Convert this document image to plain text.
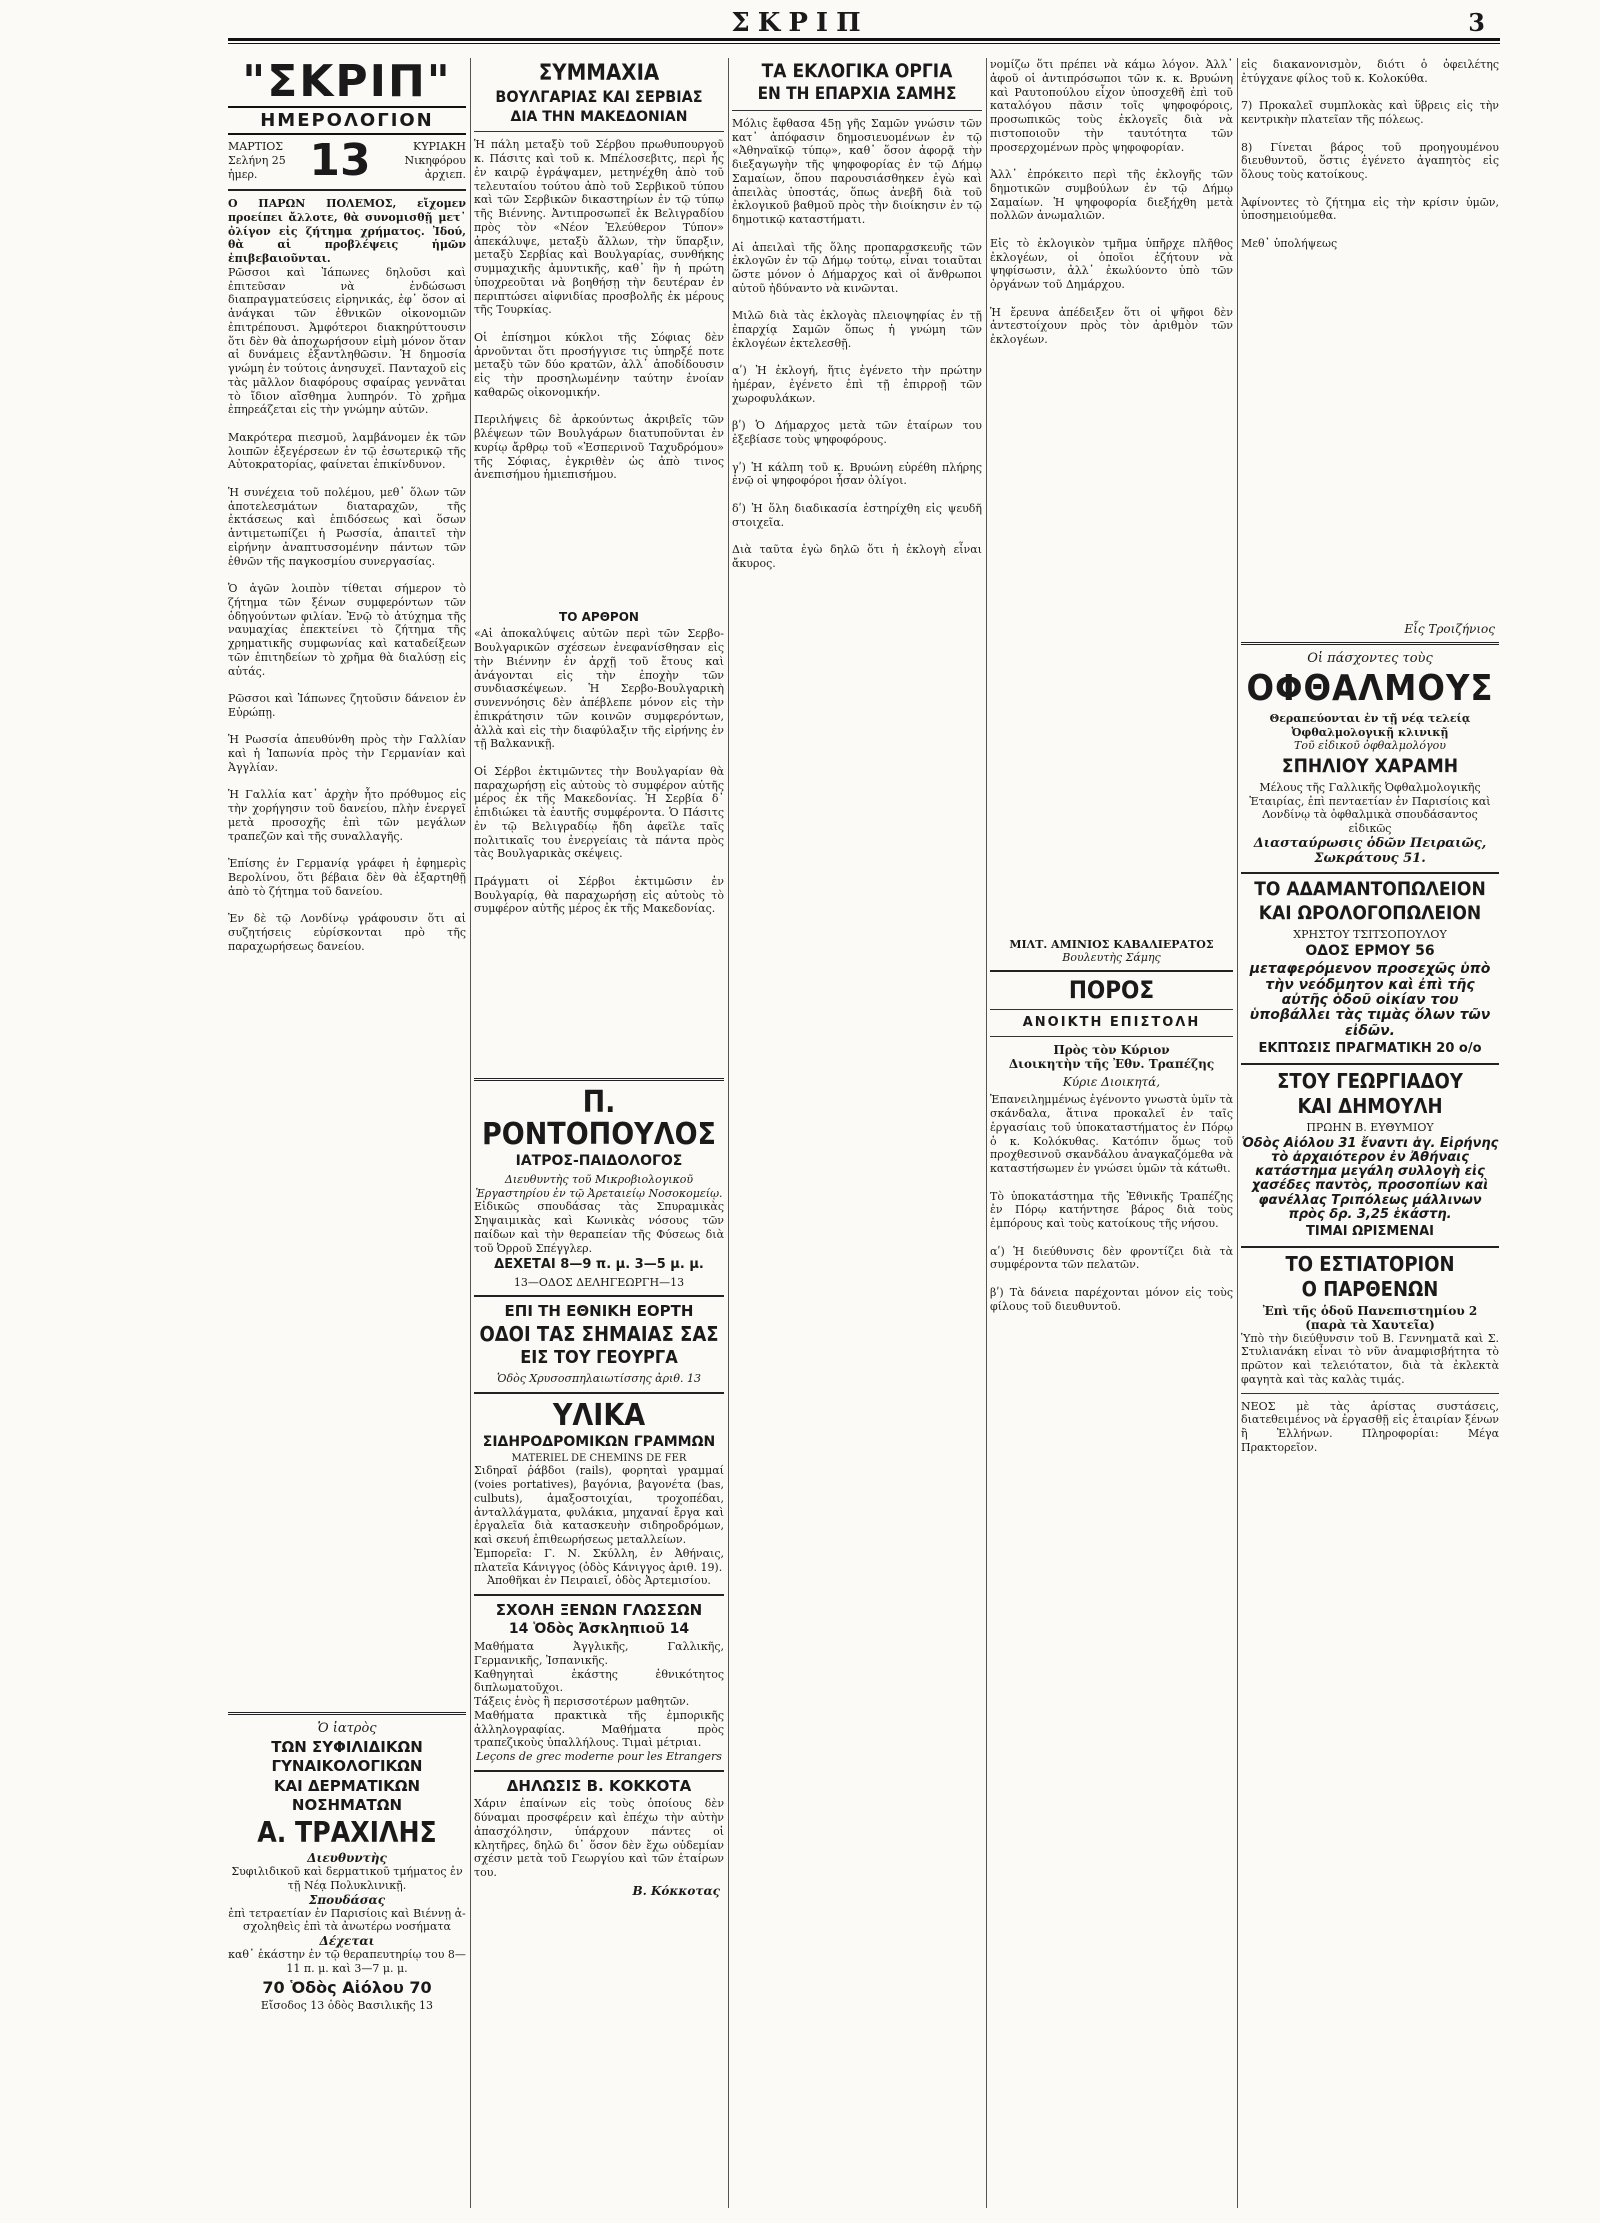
ΣΚΡΙΠ	3
"ΣΚΡΙΠ"
ΗΜΕΡΟΛΟΓΙΟΝ
ΜΑΡΤΙΟΣ
Σελήνη 25 ἡμερ.	13	ΚΥΡΙΑΚΗ
Νικηφόρου ἀρχιεπ.

Ο ΠΑΡΩΝ ΠΟΛΕΜΟΣ, εἴχομεν προείπει ἄλλοτε, θὰ συνομισθῇ μετ᾽ ὀλίγον εἰς ζήτημα χρήματος. Ἰδού, θὰ αἱ προβλέψεις ἡμῶν ἐπιβεβαιοῦνται.

Ρῶσσοι καὶ Ἰάπωνες δηλοῦσι καὶ ἐπιτεῦσαν νὰ ἐνδώσωσι διαπραγματεύσεις εἰρηνικάς, ἐφ᾽ ὅσον αἱ ἀνάγκαι τῶν ἐθνικῶν οἰκονομιῶν ἐπιτρέπουσι. Ἀμφότεροι διακηρύττουσιν ὅτι δὲν θὰ ἀποχωρήσουν εἰμὴ μόνον ὅταν αἱ δυνάμεις ἐξαντληθῶσιν. Ἡ δημοσία γνώμη ἐν τούτοις ἀνησυχεῖ. Πανταχοῦ εἰς τὰς μᾶλλον διαφόρους σφαίρας γεννᾶται τὸ ἴδιον αἴσθημα λυπηρόν. Τὸ χρῆμα ἐπηρεάζεται εἰς τὴν γνώμην αὐτῶν.

Μακρότερα πιεσμοῦ, λαμβάνομεν ἐκ τῶν λοιπῶν ἐξεγέρσεων ἐν τῷ ἐσωτερικῷ τῆς Αὐτοκρατορίας, φαίνεται ἐπικίνδυνον.

Ἡ συνέχεια τοῦ πολέμου, μεθ᾽ ὅλων τῶν ἀποτελεσμάτων διαταραχῶν, τῆς ἐκτάσεως καὶ ἐπιδόσεως καὶ ὅσων ἀντιμετωπίζει ἡ Ρωσσία, ἀπαιτεῖ τὴν εἰρήνην ἀναπτυσσομένην πάντων τῶν ἐθνῶν τῆς παγκοσμίου συνεργασίας.

Ὁ ἀγῶν λοιπὸν τίθεται σήμερον τὸ ζήτημα τῶν ξένων συμφερόντων τῶν ὁδηγούντων φιλίαν. Ἐνῷ τὸ ἀτύχημα τῆς ναυμαχίας ἐπεκτείνει τὸ ζήτημα τῆς χρηματικῆς συμφωνίας καὶ καταδείξεων τῶν ἐπιτηδείων τὸ χρῆμα θὰ διαλύσῃ εἰς αὐτάς.

Ρῶσσοι καὶ Ἰάπωνες ζητοῦσιν δάνειον ἐν Εὐρώπῃ.

Ἡ Ρωσσία ἀπευθύνθη πρὸς τὴν Γαλλίαν καὶ ἡ Ἰαπωνία πρὸς τὴν Γερμανίαν καὶ Ἀγγλίαν.

Ἡ Γαλλία κατ᾽ ἀρχὴν ἦτο πρόθυμος εἰς τὴν χορήγησιν τοῦ δανείου, πλὴν ἐνεργεῖ μετὰ προσοχῆς ἐπὶ τῶν μεγάλων τραπεζῶν καὶ τῆς συναλλαγῆς.

Ἐπίσης ἐν Γερμανίᾳ γράφει ἡ ἐφημερὶς Βερολίνου, ὅτι βέβαια δὲν θὰ ἐξαρτηθῇ ἀπὸ τὸ ζήτημα τοῦ δανείου.

Ἐν δὲ τῷ Λονδίνῳ γράφουσιν ὅτι αἱ συζητήσεις εὑρίσκονται πρὸ τῆς παραχωρήσεως δανείου.

Ὁ ἰατρὸς
ΤΩΝ ΣΥΦΙΛΙΔΙΚΩΝ
ΓΥΝΑΙΚΟΛΟΓΙΚΩΝ
ΚΑΙ ΔΕΡΜΑΤΙΚΩΝ
ΝΟΣΗΜΑΤΩΝ
Α. ΤΡΑΧΙΛΗΣ
Διευθυντὴς
Συφιλιδικοῦ καὶ δερματικοῦ τμήματος ἐν τῇ Νέᾳ Πολυκλινικῇ.
Σπουδάσας
ἐπὶ τετραετίαν ἐν Παρισίοις καὶ Βιέννῃ ἀ-σχοληθεὶς ἐπὶ τὰ ἀνωτέρω νοσήματα
Δέχεται
καθ᾽ ἑκάστην ἐν τῷ θεραπευτηρίῳ του 8—11 π. μ. καὶ 3—7 μ. μ.
70 Ὁδὸς Αἰόλου 70
Εἴσοδος 13 ὁδὸς Βασιλικῆς 13
ΣΥΜΜΑΧΙΑ
ΒΟΥΛΓΑΡΙΑΣ ΚΑΙ ΣΕΡΒΙΑΣ
ΔΙΑ ΤΗΝ ΜΑΚΕΔΟΝΙΑΝ

Ἡ πάλη μεταξὺ τοῦ Σέρβου πρωθυπουργοῦ κ. Πάσιτς καὶ τοῦ κ. Μπέλοσεβιτς, περὶ ἧς ἐν καιρῷ ἐγράψαμεν, μετηνέχθη ἀπὸ τοῦ τελευταίου τούτου ἀπὸ τοῦ Σερβικοῦ τύπου καὶ τῶν Σερβικῶν δικαστηρίων ἐν τῷ τύπῳ τῆς Βιέννης. Ἀντιπροσωπεῖ ἐκ Βελιγραδίου πρὸς τὸν «Νέον Ἐλεύθερον Τύπον» ἀπεκάλυψε, μεταξὺ ἄλλων, τὴν ὕπαρξιν, μεταξὺ Σερβίας καὶ Βουλγαρίας, συνθήκης συμμαχικῆς ἀμυντικῆς, καθ᾽ ἣν ἡ πρώτη ὑποχρεοῦται νὰ βοηθήσῃ τὴν δευτέραν ἐν περιπτώσει αἰφνιδίας προσβολῆς ἐκ μέρους τῆς Τουρκίας.

Οἱ ἐπίσημοι κύκλοι τῆς Σόφιας δὲν ἀρνοῦνται ὅτι προσήγγισε τις ὑπηρξέ ποτε μεταξὺ τῶν δύο κρατῶν, ἀλλ᾽ ἀποδίδουσιν εἰς τὴν προσηλωμένην ταύτην ἐνοίαν καθαρῶς οἰκονομικήν.

Περιλήψεις δὲ ἀρκούντως ἀκριβεῖς τῶν βλέψεων τῶν Βουλγάρων διατυποῦνται ἐν κυρίῳ ἄρθρῳ τοῦ «Ἐσπερινοῦ Ταχυδρόμου» τῆς Σόφιας, ἐγκριθὲν ὡς ἀπὸ τινος ἀνεπισήμου ἡμιεπισήμου.

ΤΟ ΑΡΘΡΟΝ

«Αἱ ἀποκαλύψεις αὐτῶν περὶ τῶν Σερβο-Βουλγαρικῶν σχέσεων ἐνεφανίσθησαν εἰς τὴν Βιέννην ἐν ἀρχῇ τοῦ ἔτους καὶ ἀνάγονται εἰς τὴν ἐποχὴν τῶν συνδιασκέψεων. Ἡ Σερβο-Βουλγαρικὴ συνεννόησις δὲν ἀπέβλεπε μόνον εἰς τὴν ἐπικράτησιν τῶν κοινῶν συμφερόντων, ἀλλὰ καὶ εἰς τὴν διαφύλαξιν τῆς εἰρήνης ἐν τῇ Βαλκανικῇ.

Οἱ Σέρβοι ἐκτιμῶντες τὴν Βουλγαρίαν θὰ παραχωρήσῃ εἰς αὐτοὺς τὸ συμφέρον αὐτῆς μέρος ἐκ τῆς Μακεδονίας. Ἡ Σερβία δ᾽ ἐπιδιώκει τὰ ἑαυτῆς συμφέροντα. Ὁ Πάσιτς ἐν τῷ Βελιγραδίῳ ἤδη ἀφεῖλε ταῖς πολιτικαῖς του ἐνεργείαις τὰ πάντα πρὸς τὰς Βουλγαρικὰς σκέψεις.

Πράγματι οἱ Σέρβοι ἐκτιμῶσιν ἐν Βουλγαρίᾳ, θὰ παραχωρήσῃ εἰς αὐτοὺς τὸ συμφέρον αὐτῆς μέρος ἐκ τῆς Μακεδονίας.

Π. ΡΟΝΤΟΠΟΥΛΟΣ
ΙΑΤΡΟΣ-ΠΑΙΔΟΛΟΓΟΣ
Διευθυντὴς τοῦ Μικροβιολογικοῦ Ἐργαστηρίου ἐν τῷ Ἀρεταιείῳ Νοσοκομείῳ.
Εἰδικῶς σπουδάσας τὰς Σπυραμικὰς Σηψαιμικὰς καὶ Κωνικὰς νόσους τῶν παίδων καὶ τὴν θεραπείαν τῆς Φύσεως διὰ τοῦ Ὀρροῦ Σπέγγλερ.
ΔΕΧΕΤΑΙ 8—9 π. μ. 3—5 μ. μ.
13—ΟΔΟΣ ΔΕΛΗΓΕΩΡΓΗ—13
ΕΠΙ ΤΗ ΕΘΝΙΚΗ ΕΟΡΤΗ
ΟΔΟΙ ΤΑΣ ΣΗΜΑΙΑΣ ΣΑΣ
ΕΙΣ ΤΟΥ ΓΕΟΥΡΓΑ
Ὁδὸς Χρυσοσπηλαιωτίσσης ἀριθ. 13
ΥΛΙΚΑ
ΣΙΔΗΡΟΔΡΟΜΙΚΩΝ ΓΡΑΜΜΩΝ
MATERIEL DE CHEMINS DE FER
Σιδηραῖ ῥάβδοι (rails), φορηταὶ γραμμαί (voies portatives), βαγόνια, βαγονέτα (bas, culbuts), ἁμαξοστοιχίαι, τροχοπέδαι, ἀνταλλάγματα, φυλάκια, μηχαναί ἔργα καὶ ἐργαλεῖα διὰ κατασκευὴν σιδηροδρόμων, καὶ σκευή ἐπιθεωρήσεως μεταλλείων.
Ἐμπορεῖα: Γ. Ν. Σκύλλη, ἐν Ἀθήναις, πλατεῖα Κάνιγγος (ὁδὸς Κάνιγγος ἀριθ. 19).
Ἀποθῆκαι ἐν Πειραιεῖ, ὁδὸς Ἀρτεμισίου.
ΣΧΟΛΗ ΞΕΝΩΝ ΓΛΩΣΣΩΝ
14 Ὁδὸς Ἀσκληπιοῦ 14
Μαθήματα Ἀγγλικῆς, Γαλλικῆς, Γερμανικῆς, Ἰσπανικῆς.
Καθηγηταὶ ἑκάστης ἐθνικότητος διπλωματοῦχοι.
Τάξεις ἐνὸς ἢ περισσοτέρων μαθητῶν.
Μαθήματα πρακτικὰ τῆς ἐμπορικῆς ἀλληλογραφίας. Μαθήματα πρὸς τραπεζικοὺς ὑπαλλήλους. Τιμαὶ μέτριαι.
Leçons de grec moderne pour les Etrangers
ΔΗΛΩΣΙΣ Β. ΚΟΚΚΟΤΑ
Χάριν ἐπαίνων εἰς τοὺς ὁποίους δὲν δύναμαι προσφέρειν καὶ ἐπέχω τὴν αὐτὴν ἀπασχόλησιν, ὑπάρχουν πάντες οἱ κλητῆρες, δηλῶ δι᾽ ὅσον δὲν ἔχω οὐδεμίαν σχέσιν μετὰ τοῦ Γεωργίου καὶ τῶν ἑταίρων του.
Β. Κόκκοτας
ΤΑ ΕΚΛΟΓΙΚΑ ΟΡΓΙΑ
ΕΝ ΤΗ ΕΠΑΡΧΙΑ ΣΑΜΗΣ

Μόλις ἔφθασα 45ῃ γῆς Σαμῶν γνώσιν τῶν κατ᾽ ἀπόφασιν δημοσιευομένων ἐν τῷ «Ἀθηναϊκῷ τύπῳ», καθ᾽ ὅσον ἀφορᾷ τὴν διεξαγωγὴν τῆς ψηφοφορίας ἐν τῷ Δήμῳ Σαμαίων, ὅπου παρουσιάσθηκεν ἐγὼ καὶ ἀπειλὰς ὑποστάς, ὅπως ἀνεβῆ διὰ τοῦ ἐκλογικοῦ βαθμοῦ πρὸς τὴν διοίκησιν ἐν τῷ δημοτικῷ καταστήματι.

Αἱ ἀπειλαὶ τῆς ὅλης προπαρασκευῆς τῶν ἐκλογῶν ἐν τῷ Δήμῳ τούτῳ, εἶναι τοιαῦται ὥστε μόνον ὁ Δήμαρχος καὶ οἱ ἄνθρωποι αὐτοῦ ἠδύναντο νὰ κινῶνται.

Μιλῶ διὰ τὰς ἐκλογὰς πλειοψηφίας ἐν τῇ ἐπαρχίᾳ Σαμῶν ὅπως ἡ γνώμη τῶν ἐκλογέων ἐκτελεσθῇ.

αʹ) Ἡ ἐκλογή, ἥτις ἐγένετο τὴν πρώτην ἡμέραν, ἐγένετο ἐπὶ τῇ ἐπιρροῇ τῶν χωροφυλάκων.

βʹ) Ὁ Δήμαρχος μετὰ τῶν ἑταίρων του ἐξεβίασε τοὺς ψηφοφόρους.

γʹ) Ἡ κάλπη τοῦ κ. Βρυώνη εὑρέθη πλήρης ἐνῷ οἱ ψηφοφόροι ἦσαν ὀλίγοι.

δʹ) Ἡ ὅλη διαδικασία ἐστηρίχθη εἰς ψευδῆ στοιχεῖα.

Διὰ ταῦτα ἐγὼ δηλῶ ὅτι ἡ ἐκλογὴ εἶναι ἄκυρος.

νομίζω ὅτι πρέπει νὰ κάμω λόγον. Ἀλλ᾽ ἀφοῦ οἱ ἀντιπρόσωποι τῶν κ. κ. Βρυώνη καὶ Ραυτοπούλου εἶχον ὑποσχεθῆ ἐπὶ τοῦ καταλόγου πᾶσιν τοῖς ψηφοφόροις, προσωπικῶς τοὺς ἐκλογεῖς διὰ νὰ πιστοποιοῦν τὴν ταυτότητα τῶν προσερχομένων πρὸς ψηφοφορίαν.

Ἀλλ᾽ ἐπρόκειτο περὶ τῆς ἐκλογῆς τῶν δημοτικῶν συμβούλων ἐν τῷ Δήμῳ Σαμαίων. Ἡ ψηφοφορία διεξήχθη μετὰ πολλῶν ἀνωμαλιῶν.

Εἰς τὸ ἐκλογικὸν τμῆμα ὑπῆρχε πλῆθος ἐκλογέων, οἱ ὁποῖοι ἐζήτουν νὰ ψηφίσωσιν, ἀλλ᾽ ἐκωλύοντο ὑπὸ τῶν ὀργάνων τοῦ Δημάρχου.

Ἡ ἔρευνα ἀπέδειξεν ὅτι οἱ ψῆφοι δὲν ἀντεστοίχουν πρὸς τὸν ἀριθμὸν τῶν ἐκλογέων.

ΜΙΛΤ. ΑΜΙΝΙΟΣ ΚΑΒΑΛΙΕΡΑΤΟΣ
Βουλευτὴς Σάμης
ΠΟΡΟΣ
ΑΝΟΙΚΤΗ ΕΠΙΣΤΟΛΗ
Πρὸς τὸν Κύριον
Διοικητὴν τῆς Ἐθν. Τραπέζης
Κύριε Διοικητά,

Ἐπανειλημμένως ἐγένοντο γνωστὰ ὑμῖν τὰ σκάνδαλα, ἅτινα προκαλεῖ ἐν ταῖς ἐργασίαις τοῦ ὑποκαταστήματος ἐν Πόρῳ ὁ κ. Κολόκυθας. Κατόπιν ὅμως τοῦ προχθεσινοῦ σκανδάλου ἀναγκαζόμεθα νὰ καταστήσωμεν ἐν γνώσει ὑμῶν τὰ κάτωθι.

Τὸ ὑποκατάστημα τῆς Ἐθνικῆς Τραπέζης ἐν Πόρῳ κατήντησε βάρος διὰ τοὺς ἐμπόρους καὶ τοὺς κατοίκους τῆς νήσου.

αʹ) Ἡ διεύθυνσις δὲν φροντίζει διὰ τὰ συμφέροντα τῶν πελατῶν.

βʹ) Τὰ δάνεια παρέχονται μόνον εἰς τοὺς φίλους τοῦ διευθυντοῦ.

εἰς διακανονισμὸν, διότι ὁ ὀφειλέτης ἐτύγχανε φίλος τοῦ κ. Κολοκύθα.

7) Προκαλεῖ συμπλοκὰς καὶ ὕβρεις εἰς τὴν κεντρικὴν πλατεῖαν τῆς πόλεως.

8) Γίνεται βάρος τοῦ προηγουμένου διευθυντοῦ, ὅστις ἐγένετο ἀγαπητὸς εἰς ὅλους τοὺς κατοίκους.

Ἀφίνοντες τὸ ζήτημα εἰς τὴν κρίσιν ὑμῶν, ὑποσημειούμεθα.

Μεθ᾽ ὑπολήψεως

Εἷς Τροιζήνιος
Οἱ πάσχοντες τοὺς
ΟΦΘΑΛΜΟΥΣ
Θεραπεύονται ἐν τῇ νέᾳ τελείᾳ Ὀφθαλμολογικῇ κλινικῇ
Τοῦ εἰδικοῦ ὀφθαλμολόγου
ΣΠΗΛΙΟΥ ΧΑΡΑΜΗ
Μέλους τῆς Γαλλικῆς Ὀφθαλμολογικῆς Ἑταιρίας, ἐπὶ πενταετίαν ἐν Παρισίοις καὶ Λονδίνῳ τὰ ὀφθαλμικὰ σπουδάσαντος εἰδικῶς
Διασταύρωσις ὁδῶν Πειραιῶς, Σωκράτους 51.
ΤΟ ΑΔΑΜΑΝΤΟΠΩΛΕΙΟΝ
ΚΑΙ ΩΡΟΛΟΓΟΠΩΛΕΙΟΝ
ΧΡΗΣΤΟΥ ΤΣΙΤΣΟΠΟΥΛΟΥ
ΟΔΟΣ ΕΡΜΟΥ 56
μεταφερόμενον προσεχῶς ὑπὸ τὴν νεόδμητον καὶ ἐπὶ τῆς αὐτῆς ὁδοῦ οἰκίαν του ὑποβάλλει τὰς τιμὰς ὅλων τῶν εἰδῶν.
ΕΚΠΤΩΣΙΣ ΠΡΑΓΜΑΤΙΚΗ 20 ο/ο
ΣΤΟΥ ΓΕΩΡΓΙΑΔΟΥ
ΚΑΙ ΔΗΜΟΥΛΗ
ΠΡΩΗΝ Β. ΕΥΘΥΜΙΟΥ
Ὁδὸς Αἰόλου 31 ἔναντι ἁγ. Εἰρήνης τὸ ἀρχαιότερον ἐν Ἀθήναις κατάστημα μεγάλη συλλογὴ εἰς χασέδες παντὸς, προσοπίων καὶ φανέλλας Τριπόλεως μάλλινων πρὸς δρ. 3,25 ἑκάστη.
ΤΙΜΑΙ ΩΡΙΣΜΕΝΑΙ
ΤΟ ΕΣΤΙΑΤΟΡΙΟΝ
Ο ΠΑΡΘΕΝΩΝ
Ἐπὶ τῆς ὁδοῦ Πανεπιστημίου 2 (παρὰ τὰ Χαυτεῖα)
Ὑπὸ τὴν διεύθυνσιν τοῦ Β. Γεννηματᾶ καὶ Σ. Στυλιανάκη εἶναι τὸ νῦν ἀναμφισβήτητα τὸ πρῶτον καὶ τελειότατον, διὰ τὰ ἐκλεκτὰ φαγητὰ καὶ τὰς καλὰς τιμάς.
ΝΕΟΣ μὲ τὰς ἀρίστας συστάσεις, διατεθειμένος νὰ ἐργασθῇ εἰς ἐταιρίαν ξένων ἢ Ἑλλήνων. Πληροφορίαι: Μέγα Πρακτορεῖον.
